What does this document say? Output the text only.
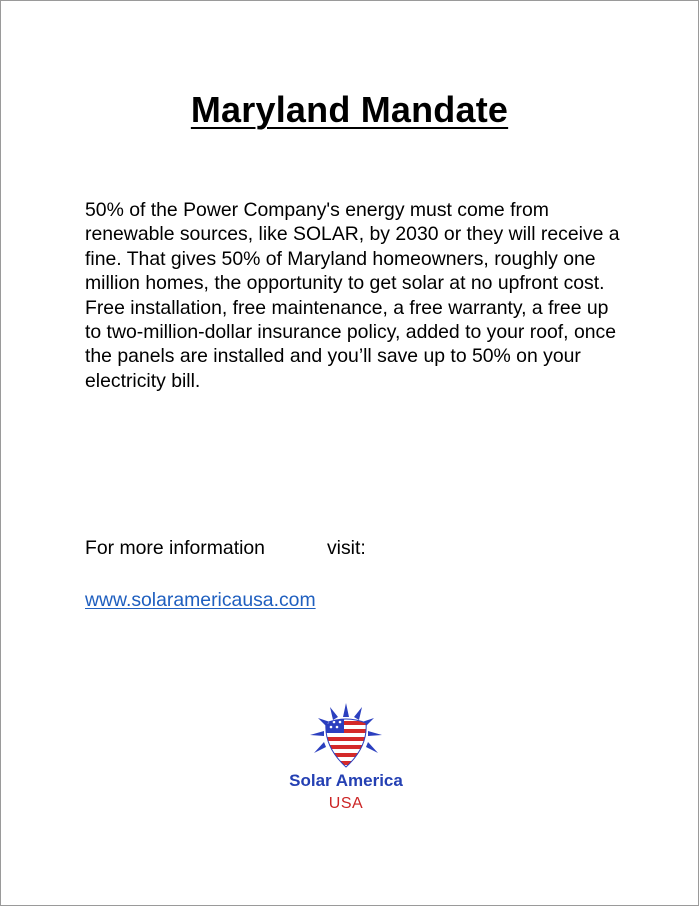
Maryland Mandate

50% of the Power Company's energy must come from renewable sources, like SOLAR, by 2030 or they will receive a fine. That gives 50% of Maryland homeowners, roughly one million homes, the opportunity to get solar at no upfront cost. Free installation, free maintenance, a free warranty, a free up to two-million-dollar insurance policy, added to your roof, once the panels are installed and you’ll save up to 50% on your electricity bill.

For more information	visit:
www.solaramericausa.com
Solar America
USA
